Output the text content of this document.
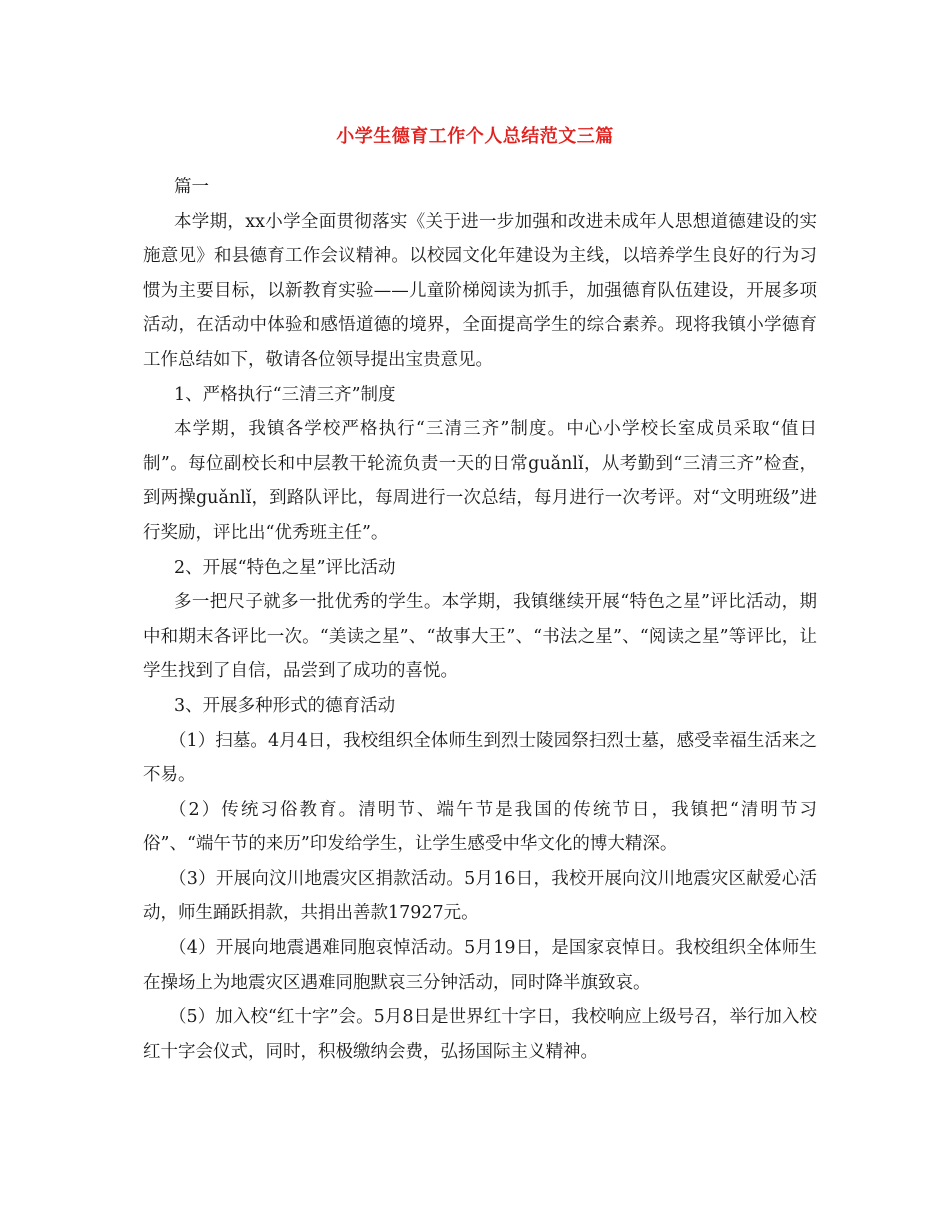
小学生德育工作个人总结范文三篇

篇一

本学期，xx小学全面贯彻落实《关于进一步加强和改进未成年人思想道德建设的实施意见》和县德育工作会议精神。以校园文化年建设为主线，以培养学生良好的行为习惯为主要目标，以新教育实验——儿童阶梯阅读为抓手，加强德育队伍建设，开展多项活动，在活动中体验和感悟道德的境界，全面提高学生的综合素养。现将我镇小学德育工作总结如下，敬请各位领导提出宝贵意见。

1、严格执行“三清三齐”制度

本学期，我镇各学校严格执行“三清三齐”制度。中心小学校长室成员采取“值日制”。每位副校长和中层教干轮流负责一天的日常guǎnlǐ，从考勤到“三清三齐”检查，到两操guǎnlǐ，到路队评比，每周进行一次总结，每月进行一次考评。对“文明班级”进行奖励，评比出“优秀班主任”。

2、开展“特色之星”评比活动

多一把尺子就多一批优秀的学生。本学期，我镇继续开展“特色之星”评比活动，期中和期末各评比一次。“美读之星”、“故事大王”、“书法之星”、“阅读之星”等评比，让学生找到了自信，品尝到了成功的喜悦。

3、开展多种形式的德育活动

（1）扫墓。4月4日，我校组织全体师生到烈士陵园祭扫烈士墓，感受幸福生活来之不易。

（2）传统习俗教育。清明节、端午节是我国的传统节日，我镇把“清明节习俗”、“端午节的来历”印发给学生，让学生感受中华文化的博大精深。

（3）开展向汶川地震灾区捐款活动。5月16日，我校开展向汶川地震灾区献爱心活动，师生踊跃捐款，共捐出善款17927元。

（4）开展向地震遇难同胞哀悼活动。5月19日，是国家哀悼日。我校组织全体师生在操场上为地震灾区遇难同胞默哀三分钟活动，同时降半旗致哀。

（5）加入校“红十字”会。5月8日是世界红十字日，我校响应上级号召，举行加入校红十字会仪式，同时，积极缴纳会费，弘扬国际主义精神。
